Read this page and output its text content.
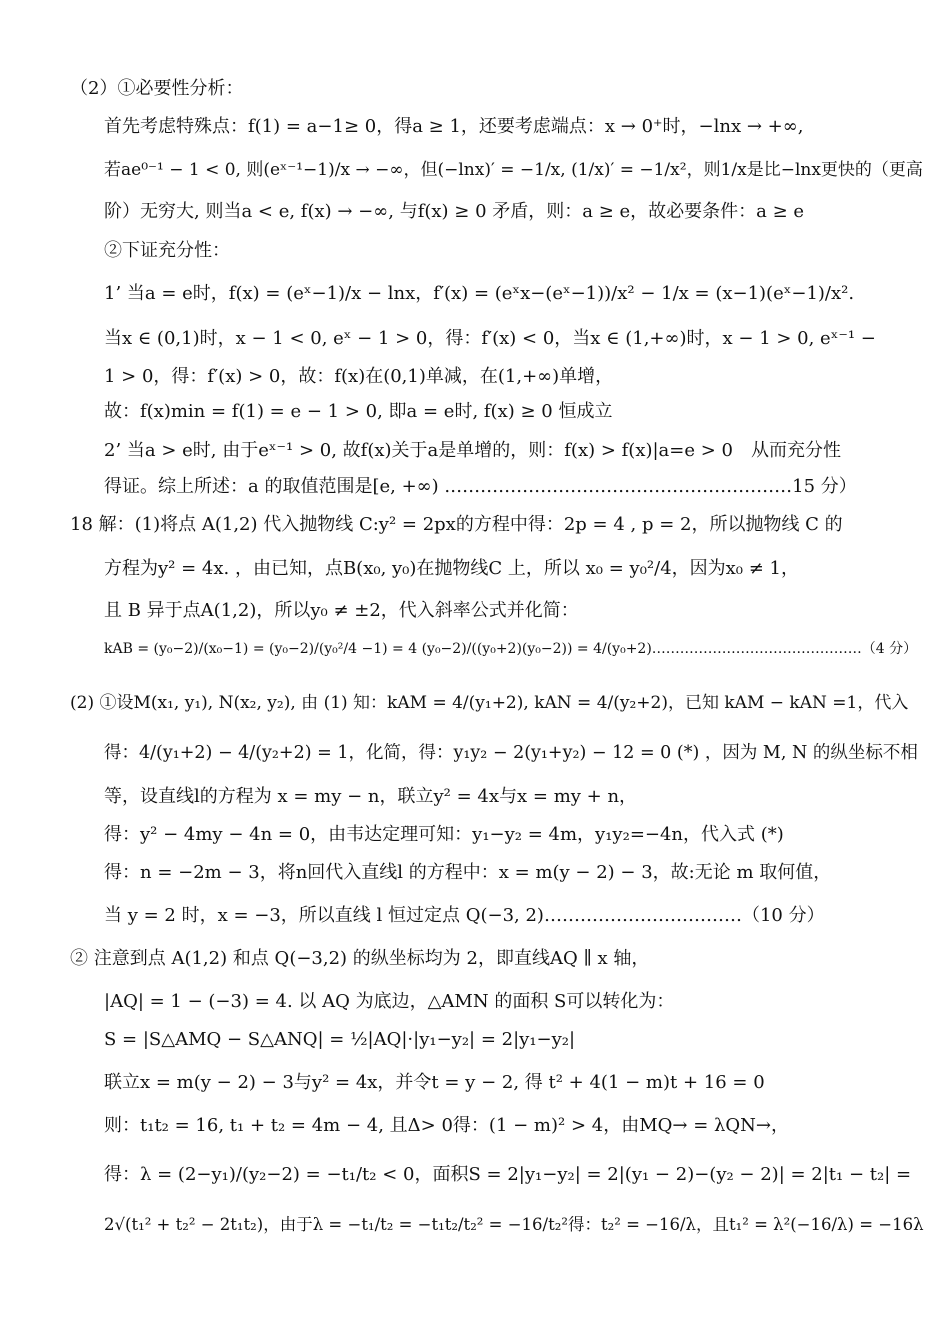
（2）①必要性分析：
首先考虑特殊点：f(1) = a−1≥ 0，得a ≥ 1，还要考虑端点：x → 0⁺时，−lnx → +∞,
若ae⁰⁻¹ − 1 < 0, 则(eˣ⁻¹−1)/x → −∞，但(−lnx)′ = −1/x, (1/x)′ = −1/x²，则1/x是比−lnx更快的（更高
阶）无穷大, 则当a < e, f(x) → −∞, 与f(x) ≥ 0 矛盾，则：a ≥ e，故必要条件：a ≥ e
②下证充分性：
1’ 当a = e时，f(x) = (eˣ−1)/x − lnx，f′(x) = (eˣx−(eˣ−1))/x² − 1/x = (x−1)(eˣ−1)/x².
当x ∈ (0,1)时，x − 1 < 0, eˣ − 1 > 0，得：f′(x) < 0，当x ∈ (1,+∞)时，x − 1 > 0, eˣ⁻¹ −
1 > 0，得：f′(x) > 0，故：f(x)在(0,1)单减，在(1,+∞)单增，
故：f(x)min = f(1) = e − 1 > 0, 即a = e时, f(x) ≥ 0 恒成立
2’ 当a > e时, 由于eˣ⁻¹ > 0, 故f(x)关于a是单增的，则：f(x) > f(x)|a=e > 0　从而充分性
得证。综上所述：a 的取值范围是[e, +∞) .…………………………………………………15 分）
18 解：(1)将点 A(1,2) 代入抛物线 C:y² = 2px的方程中得：2p = 4 , p = 2，所以抛物线 C 的
方程为y² = 4x. ，由已知，点B(x₀, y₀)在抛物线C 上，所以 x₀ = y₀²/4，因为x₀ ≠ 1，
且 B 异于点A(1,2)，所以y₀ ≠ ±2，代入斜率公式并化简：
kAB = (y₀−2)/(x₀−1) = (y₀−2)/(y₀²/4 −1) = 4 (y₀−2)/((y₀+2)(y₀−2)) = 4/(y₀+2)………………………………………（4 分）
(2) ①设M(x₁, y₁), N(x₂, y₂), 由 (1) 知：kAM = 4/(y₁+2), kAN = 4/(y₂+2)，已知 kAM − kAN =1，代入
得：4/(y₁+2) − 4/(y₂+2) = 1，化简，得：y₁y₂ − 2(y₁+y₂) − 12 = 0 (*) ，因为 M, N 的纵坐标不相
等，设直线l的方程为 x = my − n，联立y² = 4x与x = my + n，
得：y² − 4my − 4n = 0，由韦达定理可知：y₁−y₂ = 4m，y₁y₂=−4n，代入式 (*)
得：n = −2m − 3，将n回代入直线l 的方程中：x = m(y − 2) − 3，故:无论 m 取何值，
当 y = 2 时，x = −3，所以直线 l 恒过定点 Q(−3, 2)……………………………（10 分）
② 注意到点 A(1,2) 和点 Q(−3,2) 的纵坐标均为 2，即直线AQ ∥ x 轴，
|AQ| = 1 − (−3) = 4. 以 AQ 为底边，△AMN 的面积 S可以转化为：
S = |S△AMQ − S△ANQ| = ½|AQ|·|y₁−y₂| = 2|y₁−y₂|
联立x = m(y − 2) − 3与y² = 4x，并令t = y − 2, 得 t² + 4(1 − m)t + 16 = 0
则：t₁t₂ = 16, t₁ + t₂ = 4m − 4, 且Δ> 0得：(1 − m)² > 4，由MQ→ = λQN→，
得：λ = (2−y₁)/(y₂−2) = −t₁/t₂ < 0，面积S = 2|y₁−y₂| = 2|(y₁ − 2)−(y₂ − 2)| = 2|t₁ − t₂| =
2√(t₁² + t₂² − 2t₁t₂)，由于λ = −t₁/t₂ = −t₁t₂/t₂² = −16/t₂²得：t₂² = −16/λ，且t₁² = λ²(−16/λ) = −16λ
